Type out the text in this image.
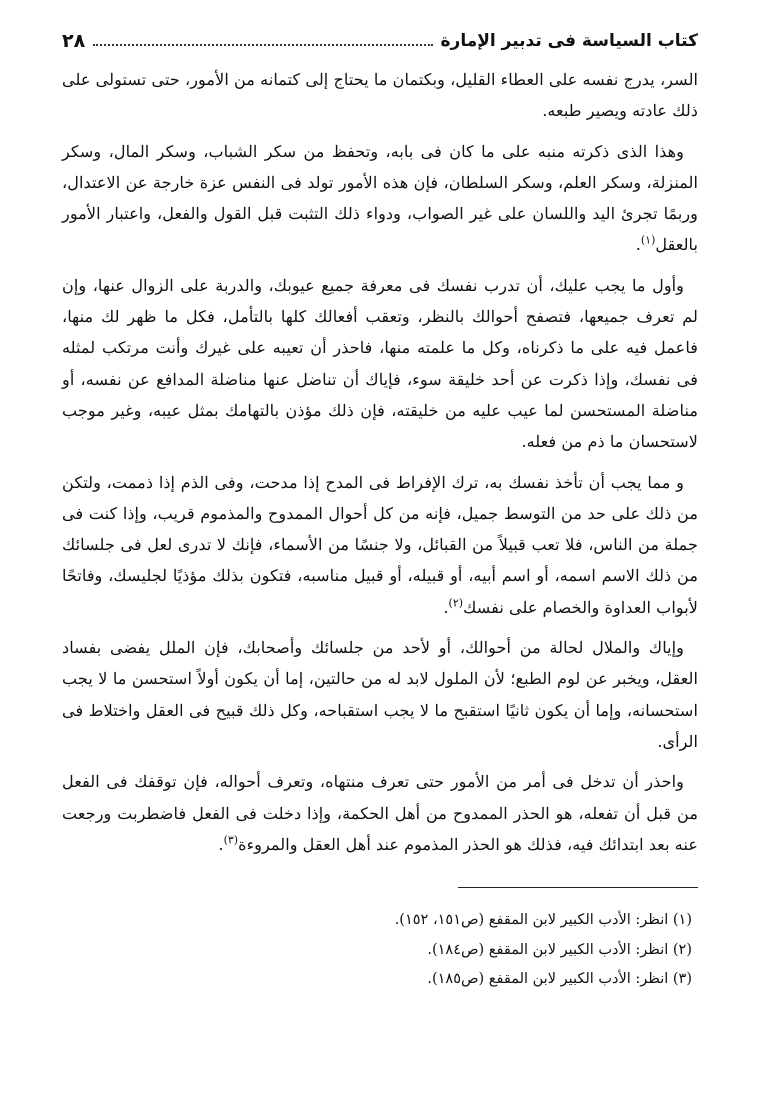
كتاب السياسة فى تدبير الإمارة
٢٨

السر، يدرج نفسه على العطاء القليل، وبكتمان ما يحتاج إلى كتمانه من الأمور، حتى تستولى على ذلك عادته ويصير طبعه.

وهذا الذى ذكرته منبه على ما كان فى بابه، وتحفظ من سكر الشباب، وسكر المال، وسكر المنزلة، وسكر العلم، وسكر السلطان، فإن هذه الأمور تولد فى النفس عزة خارجة عن الاعتدال، وربمًا تجرئ اليد واللسان على غير الصواب، ودواء ذلك التثبت قبل القول والفعل، واعتبار الأمور بالعقل$^{(١)}$.

وأول ما يجب عليك، أن تدرب نفسك فى معرفة جميع عيوبك، والدربة على الزوال عنها، وإن لم تعرف جميعها، فتصفح أحوالك بالنظر، وتعقب أفعالك كلها بالتأمل، فكل ما ظهر لك منها، فاعمل فيه على ما ذكرناه، وكل ما علمته منها، فاحذر أن تعيبه على غيرك وأنت مرتكب لمثله فى نفسك، وإذا ذكرت عن أحد خليقة سوء، فإياك أن تناضل عنها مناضلة المدافع عن نفسه، أو مناضلة المستحسن لما عيب عليه من خليقته، فإن ذلك مؤذن بالتهامك بمثل عيبه، وغير موجب لاستحسان ما ذم من فعله.

و مما يجب أن تأخذ نفسك به، ترك الإفراط فى المدح إذا مدحت، وفى الذم إذا ذممت، ولتكن من ذلك على حد من التوسط جميل، فإنه من كل أحوال الممدوح والمذموم قريب، وإذا كنت فى جملة من الناس، فلا تعب قبيلاً من القبائل، ولا جنسًا من الأسماء، فإنك لا تدرى لعل فى جلسائك من ذلك الاسم اسمه، أو اسم أبيه، أو قبيله، أو قبيل مناسبه، فتكون بذلك مؤذيًا لجليسك، وفاتحًا لأبواب العداوة والخصام على نفسك$^{(٢)}$.

وإياك والملال لحالة من أحوالك، أو لأحد من جلسائك وأصحابك، فإن الملل يفضى بفساد العقل، ويخبر عن لوم الطبع؛ لأن الملول لابد له من حالتين، إما أن يكون أولاً استحسن ما لا يجب استحسانه، وإما أن يكون ثانيًا استقبح ما لا يجب استقباحه، وكل ذلك قبيح فى العقل واختلاط فى الرأى.

واحذر أن تدخل فى أمر من الأمور حتى تعرف منتهاه، وتعرف أحواله، فإن توقفك فى الفعل من قبل أن تفعله، هو الحذر الممدوح من أهل الحكمة، وإذا دخلت فى الفعل فاضطربت ورجعت عنه بعد ابتدائك فيه، فذلك هو الحذر المذموم عند أهل العقل والمروءة$^{(٣)}$.

(١) انظر: الأدب الكبير لابن المقفع (ص١٥١، ١٥٢).

(٢) انظر: الأدب الكبير لابن المقفع (ص١٨٤).

(٣) انظر: الأدب الكبير لابن المقفع (ص١٨٥).
